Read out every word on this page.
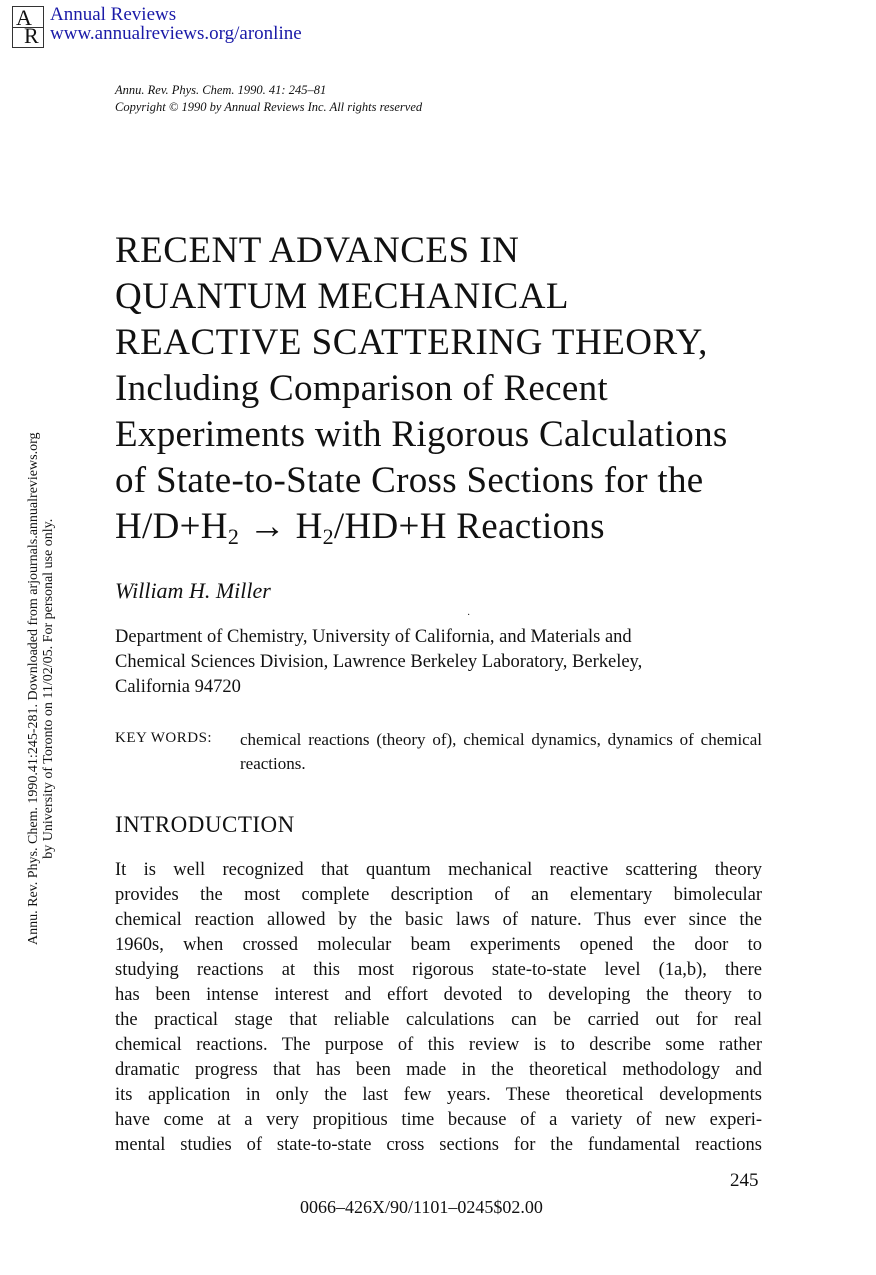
A
R
Annual Reviews
www.annualreviews.org/aronline
Annu. Rev. Phys. Chem. 1990. 41: 245–81
Copyright © 1990 by Annual Reviews Inc. All rights reserved
Annu. Rev. Phys. Chem. 1990.41:245-281. Downloaded from arjournals.annualreviews.org by University of Toronto on 11/02/05. For personal use only.
RECENT ADVANCES IN
QUANTUM MECHANICAL
REACTIVE SCATTERING THEORY,
Including Comparison of Recent
Experiments with Rigorous Calculations
of State-to-State Cross Sections for the
$H/D+H_2 \to H_2/HD+H$ Reactions
William H. Miller
·
Department of Chemistry, University of California, and Materials and
Chemical Sciences Division, Lawrence Berkeley Laboratory, Berkeley,
California 94720
KEY WORDS: chemical reactions (theory of), chemical dynamics, dynamics of chemical reactions.
INTRODUCTION
It is well recognized that quantum mechanical reactive scattering theory
provides the most complete description of an elementary bimolecular
chemical reaction allowed by the basic laws of nature. Thus ever since the
1960s, when crossed molecular beam experiments opened the door to
studying reactions at this most rigorous state-to-state level (1a,b), there
has been intense interest and effort devoted to developing the theory to
the practical stage that reliable calculations can be carried out for real
chemical reactions. The purpose of this review is to describe some rather
dramatic progress that has been made in the theoretical methodology and
its application in only the last few years. These theoretical developments
have come at a very propitious time because of a variety of new experi-
mental studies of state-to-state cross sections for the fundamental reactions
245
0066–426X/90/1101–0245$02.00
